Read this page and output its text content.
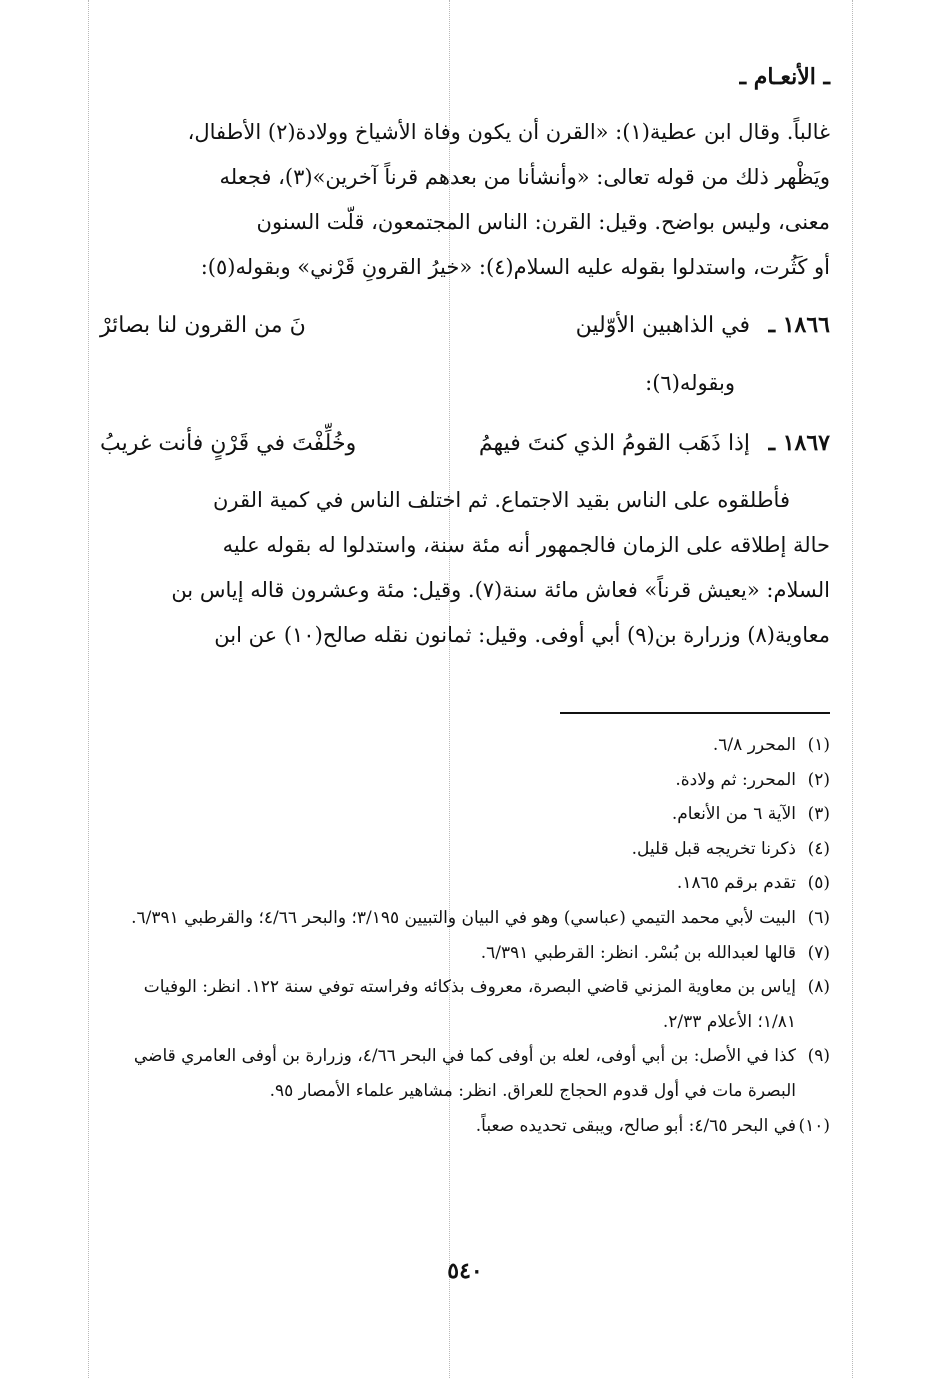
ـ الأنعـام ـ

غالباً. وقال ابن عطية(١): «القرن أن يكون وفاة الأشياخ وولادة(٢) الأطفال،

ويَظْهر ذلك من قوله تعالى: «وأنشأنا من بعدهم قرناً آخرين»(٣)، فجعله

معنى، وليس بواضح. وقيل: القرن: الناس المجتمعون، قلّت السنون

أو كَثُرت، واستدلوا بقوله عليه السلام(٤): «خيرُ القرونِ قَرْني» وبقوله(٥):

١٨٦٦ ـ
في الذاهبين الأوّلين
نَ من القرون لنا بصائرْ
وبقوله(٦):
١٨٦٧ ـ
إذا ذَهَب القومُ الذي كنتَ فيهمُ
وخُلِّفْتَ في قَرْنٍ فأنت غريبُ

فأطلقوه على الناس بقيد الاجتماع. ثم اختلف الناس في كمية القرن

حالة إطلاقه على الزمان فالجمهور أنه مئة سنة، واستدلوا له بقوله عليه

السلام: «يعيش قرناً» فعاش مائة سنة(٧). وقيل: مئة وعشرون قاله إياس بن

معاوية(٨) وزرارة بن(٩) أبي أوفى. وقيل: ثمانون نقله صالح(١٠) عن ابن

(١)
المحرر ٦/٨.
(٢)
المحرر: ثم ولادة.
(٣)
الآية ٦ من الأنعام.
(٤)
ذكرنا تخريجه قبل قليل.
(٥)
تقدم برقم ١٨٦٥.
(٦)
البيت لأبي محمد التيمي (عباسي) وهو في البيان والتبيين ٣/١٩٥؛ والبحر ٤/٦٦؛ والقرطبي ٦/٣٩١.
(٧)
قالها لعبدالله بن بُسْر. انظر: القرطبي ٦/٣٩١.
(٨)
إياس بن معاوية المزني قاضي البصرة، معروف بذكائه وفراسته توفي سنة ١٢٢. انظر: الوفيات ١/٨١؛ الأعلام ٢/٣٣.
(٩)
كذا في الأصل: بن أبي أوفى، لعله بن أوفى كما في البحر ٤/٦٦، وزرارة بن أوفى العامري قاضي البصرة مات في أول قدوم الحجاج للعراق. انظر: مشاهير علماء الأمصار ٩٥.
(١٠)
في البحر ٤/٦٥: أبو صالح، ويبقى تحديده صعباً.
٥٤٠
